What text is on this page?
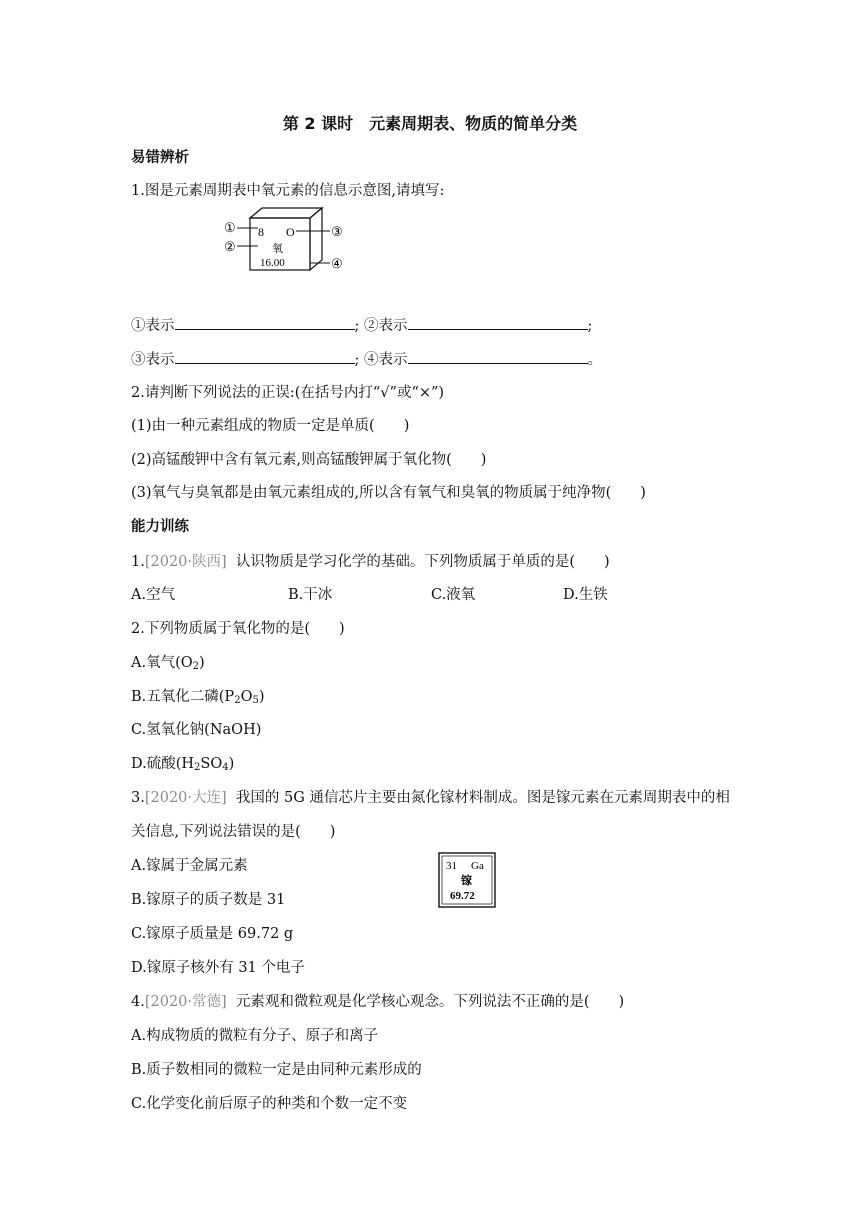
第 2 课时　元素周期表、物质的简单分类
易错辨析
1.图是元素周期表中氧元素的信息示意图,请填写:
①
②
③
④
8 O
氧
16.00
①表示	; ②表示	;
③表示	; ④表示	。
2.请判断下列说法的正误:(在括号内打“√”或“×”)
(1)由一种元素组成的物质一定是单质(　　)
(2)高锰酸钾中含有氧元素,则高锰酸钾属于氧化物(　　)
(3)氧气与臭氧都是由氧元素组成的,所以含有氧气和臭氧的物质属于纯净物(　　)
能力训练
1.[2020·陕西] 认识物质是学习化学的基础。下列物质属于单质的是(　　)
A.空气	B.干冰	C.液氧	D.生铁
2.下列物质属于氧化物的是(　　)
A.氧气$(O_2)$
B.五氧化二磷$(P_2O_5)$
C.氢氧化钠(NaOH)
D.硫酸$(H_2SO_4)$
3.[2020·大连] 我国的 5G 通信芯片主要由氮化镓材料制成。图是镓元素在元素周期表中的相
关信息,下列说法错误的是(　　)
A.镓属于金属元素
B.镓原子的质子数是 31
C.镓原子质量是 69.72 g
D.镓原子核外有 31 个电子
31 Ga
镓
69.72
4.[2020·常德] 元素观和微粒观是化学核心观念。下列说法不正确的是(　　)
A.构成物质的微粒有分子、原子和离子
B.质子数相同的微粒一定是由同种元素形成的
C.化学变化前后原子的种类和个数一定不变
